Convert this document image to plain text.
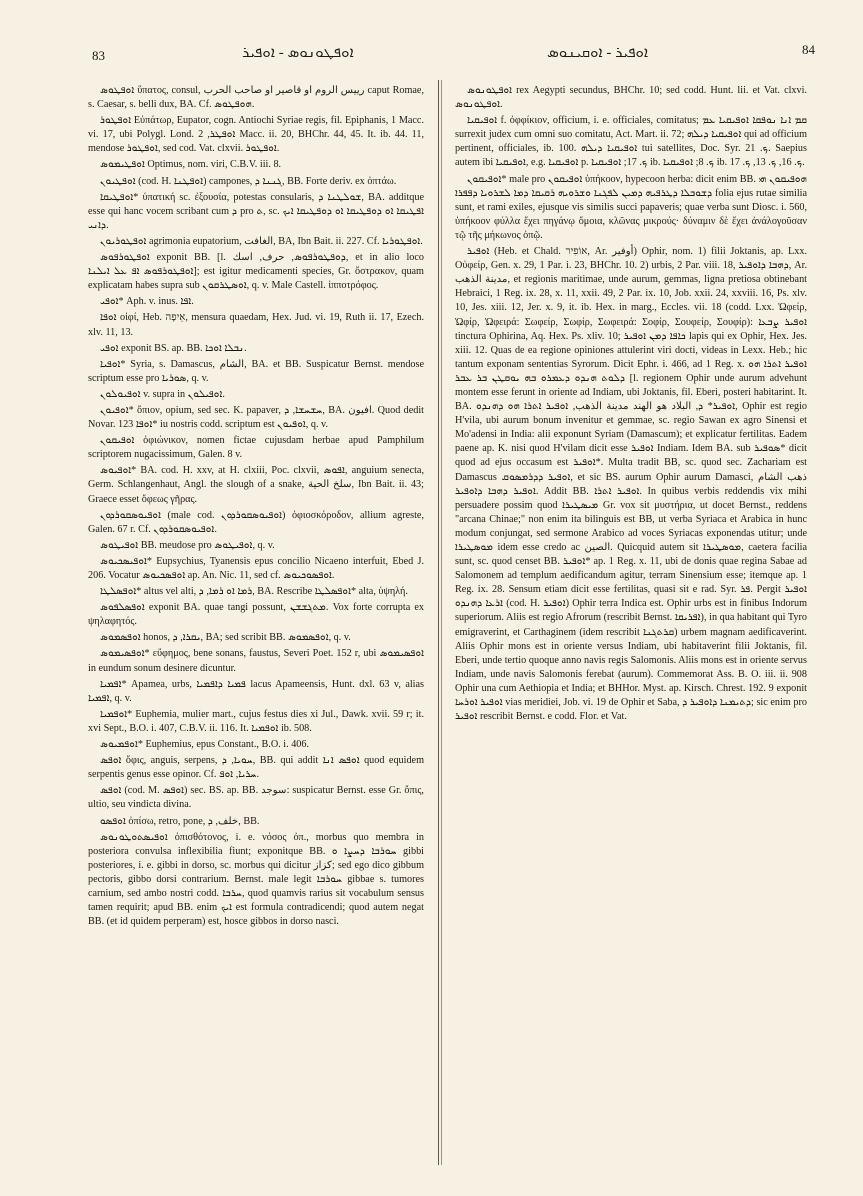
83	ܐܘܦܛܘܢܘܣ - ܐܘܦܝܪ	ܐܘܦܝܪ - ܐܘܩܝܢܘܣ	84

ܐܘܦܛܘܣ ὕπατος, consul, رييس الروم او قاصير او صاحب الحرب caput Romae, s. Caesar, s. belli dux, BA. Cf. ܗܘܦܛܘܣ.

ܐܘܦܛܘܪ Εὐπάτωρ, Eupator, cogn. Antiochi Syriae regis, fil. Epiphanis, 1 Macc. vi. 17, ubi Polygl. Lond. ܐܘܦܛܪ, 2 Macc. ii. 20, BHChr. 44, 45. It. ib. 44. 11, mendose ܐܘܦܛܘܪ, sed cod. Vat. clxvii. ܐܘܦܛܘܪ.

ܐܘܦܛܝܡܘܣ Optimus, nom. viri, C.B.V. iii. 8.

ܐܘܦܛܝܘܢ (cod. H. ܐܘܦܛܢܐ) campones, ܓܢܢܐ ܕ, BB. Forte deriv. ex ὀπτάω.

ܐܘܦܛܝܩܐ* ὑπατική sc. ἐξουσία, potestas consularis, ܫܘܠܛܢܐ ܕ, BA. additque esse qui hanc vocem scribant cum ܕ pro ܬ, sc. ܐܦܛܝܩܐ ܐܘ ܕܘܦܛܝܩܐ ܐܘ ܕܘܦܛܝܩܐ ܐܝܟ ܕܐܢܝ.

ܐܘܦܛܘܪܝܘܢ agrimonia eupatorium, الغافت, BA, Ibn Bait. ii. 227. Cf. ܐܘܦܛܘܪܝܐ.

ܐܘܦܛܘܪܦܘܣ exponit BB. [l. ܕܘܦܛܘܪܦܘܣ, حرف, اسك, et in alio loco ܐܘܦܛܘܪܦܘܣ ܐܦ ܥܠ ܐܝܠܢܐ]; est igitur medicamenti species, Gr. ὄστρακον, quam explicatam habes supra sub ܐܘܣܛܪܩܘܢ, q. v. Male Castell. ἱπποτρόφος.

ܐܘܦܝ* Aph. v. inus. ܐܦܐ.

ܐܘܦܐ οἰφί, Heb. אֵיפָה, mensura quaedam, Hex. Jud. vi. 19, Ruth ii. 17, Ezech. xlv. 11, 13.

ܐܘܦܝ exponit BS. ap. BB. ܢܒܠܐ ܐܘܟܐ.

ܐܘܦܝܐ* Syria, s. Damascus, الشام, BA. et BB. Suspicatur Bernst. mendose scriptum esse pro ܣܘܪܝܐ, q. v.

ܐܘܦܝܘܠܘܢ v. supra in ܐܘܦܝܠܘܢ.

ܐܘܦܝܘܢ* ὄπιον, opium, sed sec. K. papaver, ܚܫܚܫܐ, ܕ, BA. افيون. Quod dedit Novar. 123 ܐܘܦܐ* iu nostris codd. scriptum est ܐܘܦܝܘܢ, q. v.

ܐܘܦܝܩܘܢ ὀφιώνικον, nomen fictae cujusdam herbae apud Pamphilum scriptorem nugacissimum, Galen. 8 v.

ܐܘܦܝܘܣ* BA. cod. H. xxv, at H. clxiii, Poc. clxvii, ܐܦܘܣ, anguium senecta, Germ. Schlangenhaut, Angl. the slough of a snake, سلخ الحية, Ibn Bait. ii. 43; Graece esset ὄφεως γῆρας.

ܐܘܦܝܘܣܩܘܪܕܘܢ (male cod. ܐܘܦܝܘܣܩܘܪܕܘܢ) ὀφιοσκόροδον, allium agreste, Galen. 67 r. Cf. ܐܘܦܝܘܣܩܘܪܕܘܢ.

ܐܘܦܝܛܘܣ BB. meudose pro ܐܘܦܝܛܘܣ, q. v.

ܐܘܦܝܣܟܝܘܣ* Eupsychius, Tyanensis epus concilio Nicaeno interfuit, Ebed J. 206. Vocatur ܐܘܦܣܟܝܘܣ ap. An. Nic. 11, sed cf. ܐܘܦܣܘܟܝܘܣ.

ܐܘܦܣܠܛܐ* altus vel alti, ܪܡܐ ܐܘ ܪܡܐ, ܕ, BA. Rescribe ܐܘܦܣܠܛܐ* alta, ὑψηλή.

ܐܘܦܣܠܦܘܣ exponit BA. quae tangi possunt, ܡܬܓܫܫܢ. Vox forte corrupta ex ψηλαφητός.

ܐܘܦܣܡܘܣ honos, ܝܩܪܐ, ܕ, BA; sed scribit BB. ܐܘܦܣܡܘܣ, q. v.

ܐܘܦܣܝܡܘܣ* εὔφημος, bene sonans, faustus, Severi Poet. 152 r, ubi ܐܘܦܣܝܡܘܣ in eundum sonum desinere dicuntur.

ܐܦܡܝܐ* Apamea, urbs, ܦܡܝܐ ܕܐܦܡܝܐ lacus Apameensis, Hunt. dxl. 63 v, alias ܐܦܡܝܐ, q. v.

ܐܘܦܡܝܐ* Euphemia, mulier mart., cujus festus dies xi Jul., Dawk. xvii. 59 r; it. xvi Sept., B.O. i. 407, C.B.V. ii. 116. It. ܐܘܦܡܝܐ ib. 508.

ܐܘܦܡܝܘܣ* Euphemius, epus Constant., B.O. i. 406.

ܐܘܦܣ ὄφις, anguis, serpens, ܚܘܝܐ, ܕ, BB. qui addit ܐܘܦܣ ܐܢܐ quod equidem serpentis genus esse opinor. Cf. ܚܪܝܐ, ܐܘܦ.

ܐܘܦܣ (cod. M. ܐܘܦܣ) sec. BS. ap. BB. سوجد: suspicatur Bernst. esse Gr. ὄπις, ultio, seu vindicta divina.

ܐܘܦܣܘ ὀπίσω, retro, pone, خلف, ܕ, BB.

ܐܘܦܝܣܬܘܛܘܢܘܣ ὀπισθότονος, i. e. νόσος ὀπ., morbus quo membra in posteriora convulsa inflexibilia fiunt; exponitque BB. ܚܘܪܒܐ ܕܚܨܐ ܘ gibbi posteriores, i. e. gibbi in dorso, sc. morbus qui dicitur كزاز; sed ego dico gibbum pectoris, gibbo dorsi contrarium. Bernst. male legit ܚܘܪܒܐ gibbae s. tumores carnium, sed ambo nostri codd. ܚܪܒܐ, quod quamvis rarius sit vocabulum sensus tamen requirit; apud BB. enim ܐܝܟ est formula contradicendi; quod autem negat BB. (et id quidem perperam) est, hosce gibbos in dorso nasci.

ܐܘܦܛܘܢܘܣ rex Aegypti secundus, BHChr. 10; sed codd. Hunt. lii. et Vat. clxvi. ܐܘܦܛܘܢܘܣ.

ܐܘܦܝܩܝܐ f. ὀφφίκιον, officium, i. e. officiales, comitatus; ܩܡ ܐܢܐ ܢܘܦܩܐ ܐܘܦܝܩܝܐ ܥܡ surrexit judex cum omni suo comitatu, Act. Mart. ii. 72; ܐܘܦܝܩܝܐ ܕܝܠܗ qui ad officium pertinent, officiales, ib. 100. ܐܘܦܝܩܝܐ ܕܝܠܗ tui satellites, Doc. Syr. ܟ. 21. Saepius autem ibi ܐܘܦܝܩܝܐ, e.g. ܐܘܦܝܩܝܐ p. ܟ. 17; ܐܘܦܝܩܝܐ ib. ܟ. 8; ܐܘܦܝܩܝܐ ib. ܟ. 16, ܟ. 13, ܟ. 17.

ܐܘܦܝܩܘܢ* male pro ܐܘܦܝܩܘܢ ὑπήκοον, hypecoon herba: dicit enim BB. ܗܘܦܝܩܘܢ ܗܝ ܕܫܘܒܠܐ ܕܛܪܦܝܗ ܕܡܝܢ ܠܦܓܢܐ ܘܫܪܘܝܗ ܪܩܝܩܐ ܕܡܐ ܠܫܪܘܝܐ ܕܦܦܪܐ folia ejus rutae similia sunt, et rami exiles, ejusque vis similis succi papaveris; quae verba sunt Diosc. i. 560, ὑπήκοον φύλλα ἔχει πηγάνῳ ὅμοια, κλῶνας μικρούς· δύναμιν δὲ ἔχει ἀνάλογοῦσαν τῷ τῆς μήκωνος ὀπῷ.

ܐܘܦܝܪ (Heb. et Chald. אוֹפִיר, Ar. أوفير) Ophir, nom. 1) filii Joktanis, ap. Lxx. Οὐφείρ, Gen. x. 29, 1 Par. i. 23, BHChr. 10. 2) urbis, 2 Par. viii. 18, ܕܗܒܐ ܕܐܘܦܝܪ, Ar. مدينة الذهب, et regionis maritimae, unde aurum, gemmas, ligna pretiosa obtinebant Hebraici, 1 Reg. ix. 28, x. 11, xxii. 49, 2 Par. ix. 10, Job. xxii. 24, xxviii. 16, Ps. xlv. 10, Jes. xiii. 12, Jer. x. 9, it. ib. Hex. in marg., Eccles. vii. 18 (codd. Lxx. Ὠφείρ, Ὠφίρ, Ὠφειρά: Σωφείρ, Σωφίρ, Σωφειρά: Σοφίρ, Σουφείρ, Σουφίρ): ܐܘܦܝܪ ܨܒܥܐ tinctura Ophirina, Aq. Hex. Ps. xliv. 10; ܟܐܦܐ ܕܡܢ ܐܘܦܝܪ lapis qui ex Ophir, Hex. Jes. xiii. 12. Quas de ea regione opiniones attulerint viri docti, videas in Lexx. Heb.; hic tantum exponam sententias Syrorum. Dicit Ephr. i. 466, ad 1 Reg. x. ܐܘܦܝܪ ܐܬܪܐ ܗܘ ܕܠܘܬ ܗܢܕܘ ܕܥܡܪܘ ܒܗ ܝܘܩܛܢ ܒܪ ܥܒܪ [l. regionem Ophir unde aurum advehunt montem esse ferunt in oriente ad Indiam, ubi Joktanis, fil. Eberi, posteri habitarint. It. BA. ܐܘܦܝܪ* ܕ, البلاد هو الهند مدينة الذهب, ܐܘܦܝܪ ܐܬܪܐ ܗܘ ܕܗܢܕܘ, Ophir est regio H'vila, ubi aurum bonum invenitur et gemmae, sc. regio Sawan ex agro Sinensi et Mo'adensi in India: alii exponunt Syriam (Damascum); et explicatur fertilitas. Eadem paene ap. K. nisi quod H'vilam dicit esse ܐܘܦܝܪ Indiam. Idem BA. sub ܣܘܦܝܪ* dicit quod ad ejus occasum est ܐܘܦܝܪ*. Multa tradit BB, sc. quod sec. Zachariam est Damascus ܐܘܦܝܪ ܕܕܪܡܣܘܩ, et sic BS. aurum Ophir aurum Damasci, ذهب الشام ܐܘܦܝܪ ܕܗܒܐ ܕܐܘܦܝܪ. Addit BB. ܐܘܦܝܪ ܐܬܪܐ. In quibus verbis reddendis vix mihi persuadere possim quod ܡܝܣܛܝܪܐ Gr. vox sit μυστήρια, ut docet Bernst., reddens "arcana Chinae;" non enim ita bilinguis est BB, ut verba Syriaca et Arabica in hunc modum conjungat, sed sermone Arabico ad voces Syriacas exponendas utitur; unde ܡܘܣܛܝܪܐ idem esse credo ac الصين. Quicquid autem sit ܡܘܣܛܝܪܐ, caetera facilia sunt, sc. quod censet BB. ܐܘܦܝܪ* ap. 1 Reg. x. 11, ubi de donis quae regina Sabae ad Salomonem ad templum aedificandum agitur, terram Sinensium esse; itemque ap. 1 Reg. ix. 28. Sensum etiam dicit esse fertilitas, quasi sit e rad. Syr. ܦܪ. Pergit ܐܘܦܝܪ ܐܪܥܐ ܕܗܢܕܘ (cod. H. ܐܘܦܝܪ) Ophir terra Indica est. Ophir urbs est in finibus Indorum superiorum. Aliis est regio Afrorum (rescribit Bernst. ܐܦܪܝܩܐ), in qua habitant qui Tyro emigraverint, et Carthaginem (idem rescribit ܩܪܬܓܢܐ) urbem magnam aedificaverint. Aliis Ophir mons est in oriente versus Indiam, ubi habitaverint filii Joktanis, fil. Eberi, unde tertio quoque anno navis regis Salomonis. Aliis mons est in oriente servus Indiam, unde navis Salomonis ferebat (aurum). Commemorat Ass. B. O. iii. ii. 908 Ophir una cum Aethiopia et India; et BHHor. Myst. ap. Kirsch. Chrest. 192. 9 exponit ܐܘܦܝܪ ܐܘܪܚܐ vias meridiei, Job. vi. 19 de Ophir et Saba, ܕܬܝܡܢܐ ܕܐܘܦܝܪ ܕ; sic enim pro ܐܘܦܝܪ rescribit Bernst. e codd. Flor. et Vat.
